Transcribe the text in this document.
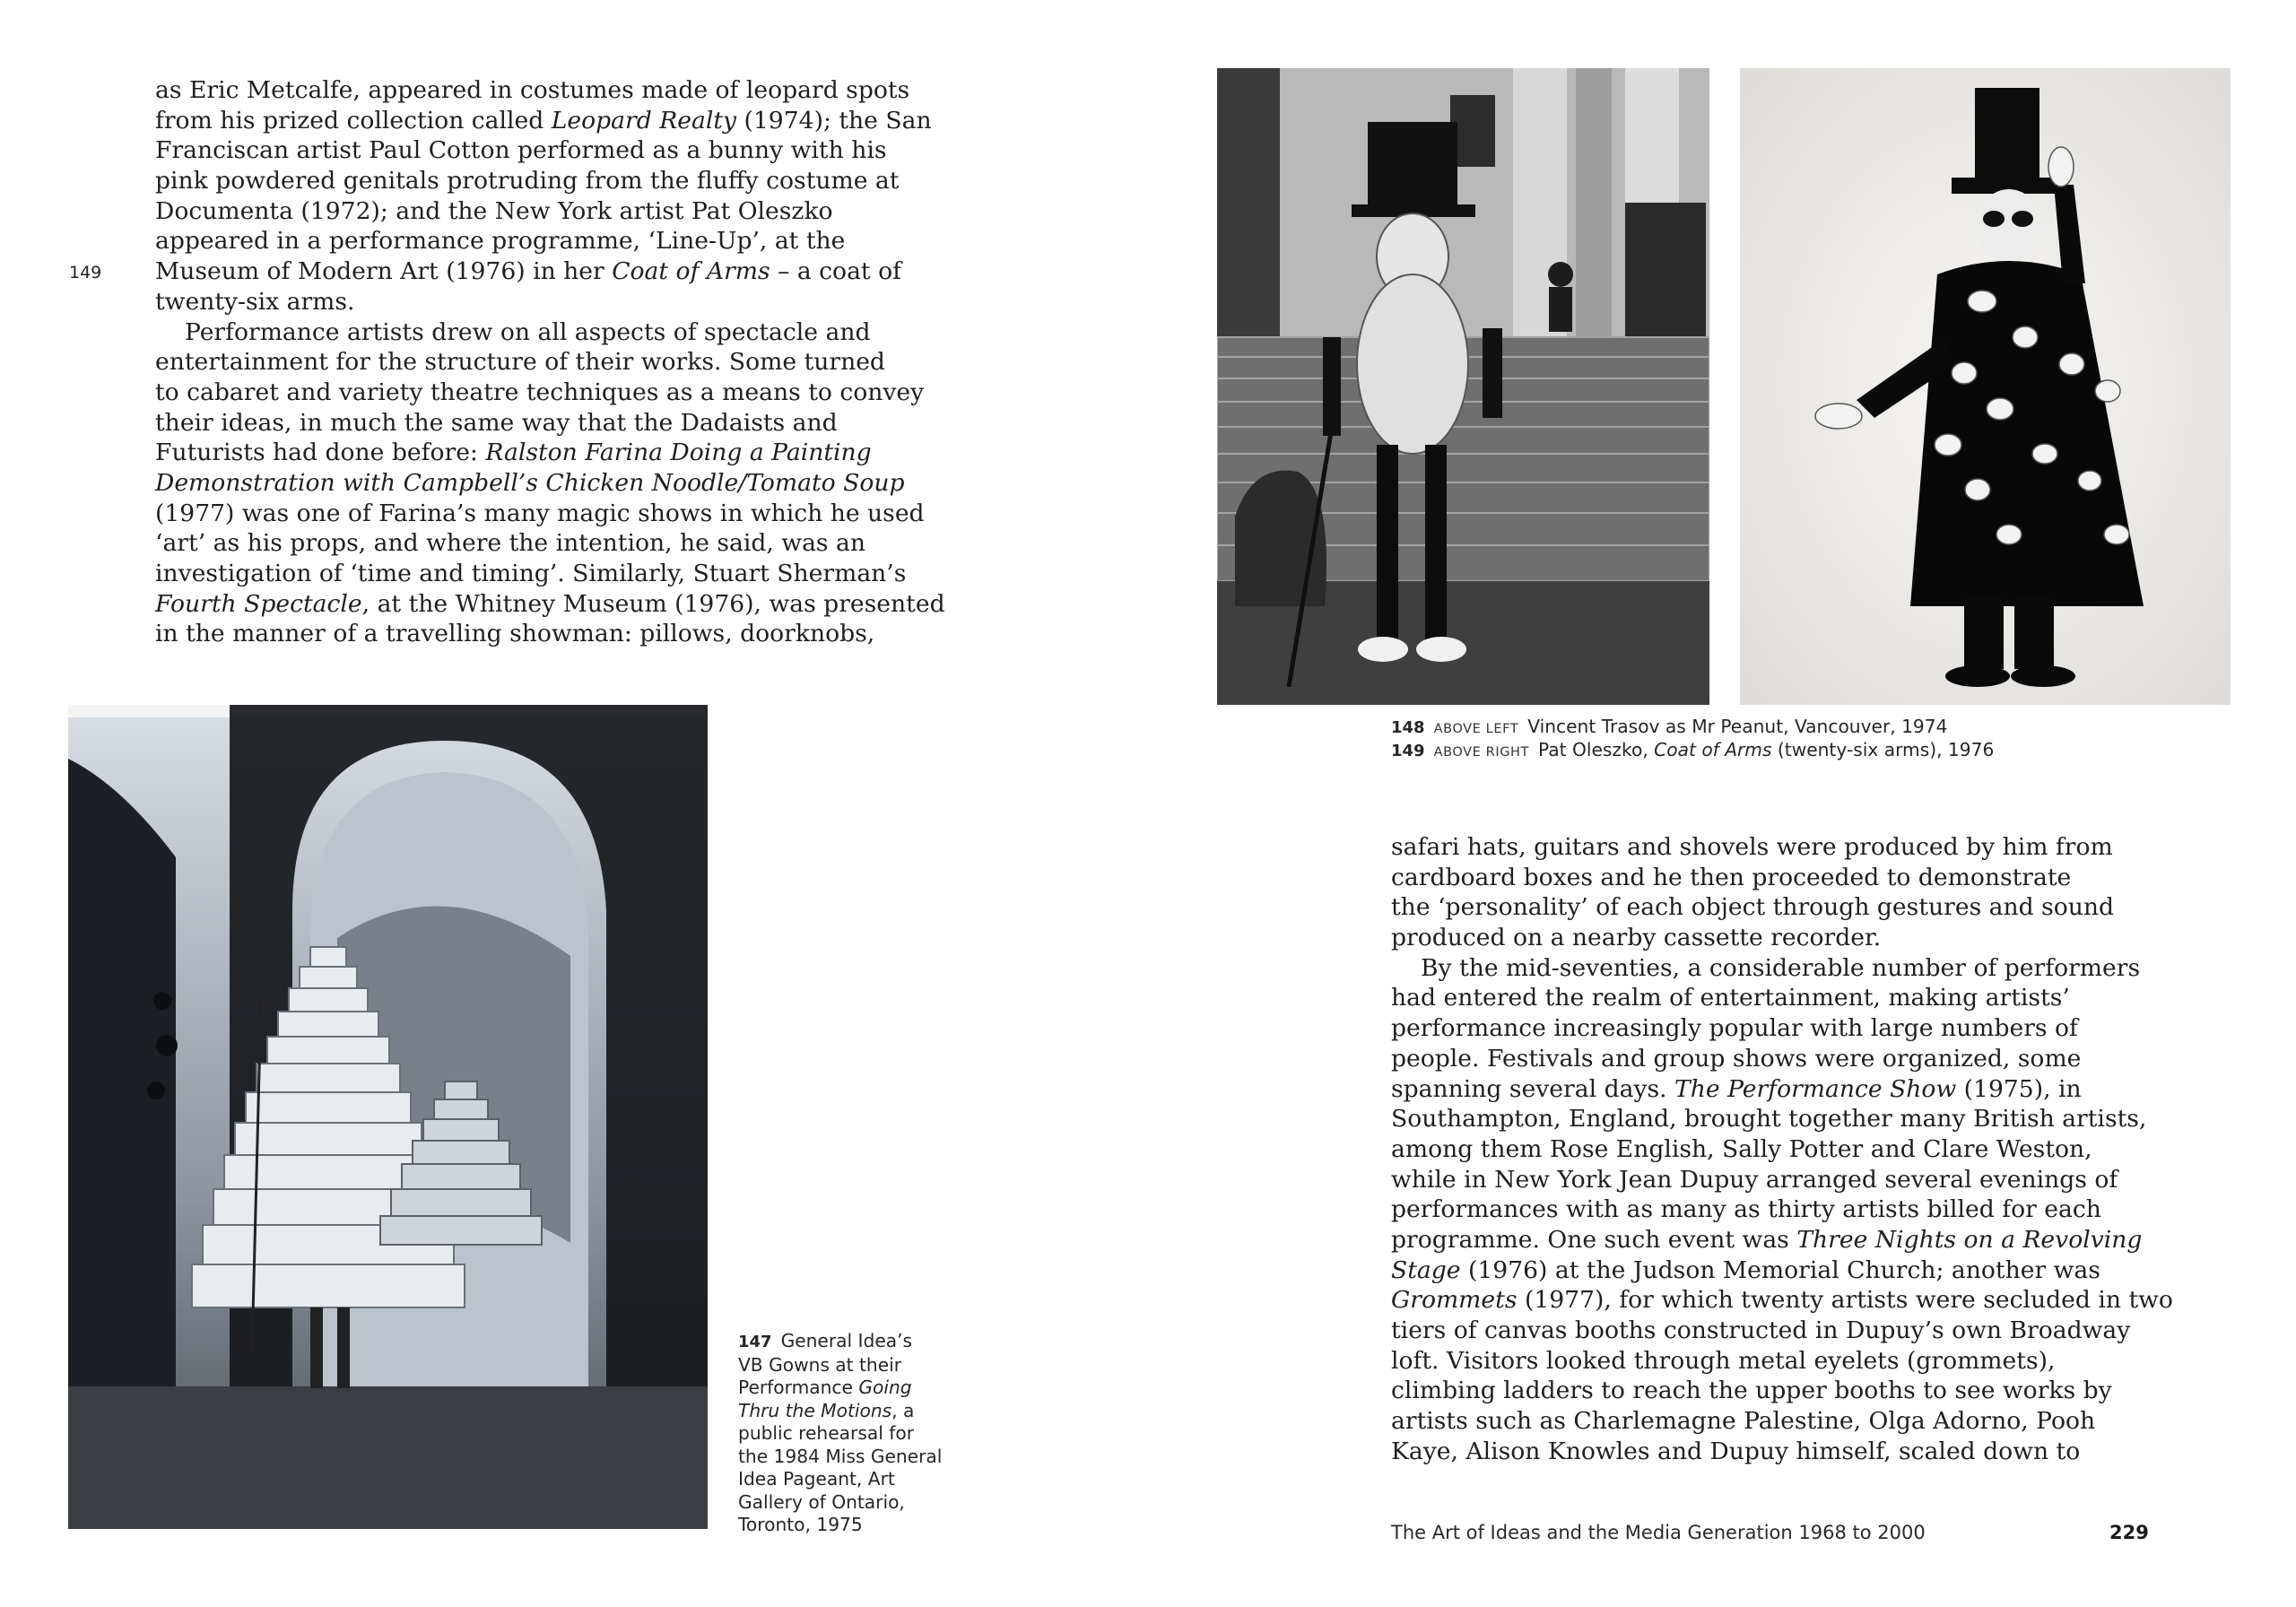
149
as Eric Metcalfe, appeared in costumes made of leopard spots
from his prized collection called Leopard Realty (1974); the San
Franciscan artist Paul Cotton performed as a bunny with his
pink powdered genitals protruding from the fluffy costume at
Documenta (1972); and the New York artist Pat Oleszko
appeared in a performance programme, ‘Line-Up’, at the
Museum of Modern Art (1976) in her Coat of Arms – a coat of
twenty-six arms.
Performance artists drew on all aspects of spectacle and
entertainment for the structure of their works. Some turned
to cabaret and variety theatre techniques as a means to convey
their ideas, in much the same way that the Dadaists and
Futurists had done before: Ralston Farina Doing a Painting
Demonstration with Campbell’s Chicken Noodle/Tomato Soup
(1977) was one of Farina’s many magic shows in which he used
‘art’ as his props, and where the intention, he said, was an
investigation of ‘time and timing’. Similarly, Stuart Sherman’s
Fourth Spectacle, at the Whitney Museum (1976), was presented
in the manner of a travelling showman: pillows, doorknobs,
147 General Idea’s
VB Gowns at their
Performance Going
Thru the Motions, a
public rehearsal for
the 1984 Miss General
Idea Pageant, Art
Gallery of Ontario,
Toronto, 1975
148 ABOVE LEFT Vincent Trasov as Mr Peanut, Vancouver, 1974
149 ABOVE RIGHT Pat Oleszko, Coat of Arms (twenty-six arms), 1976
safari hats, guitars and shovels were produced by him from
cardboard boxes and he then proceeded to demonstrate
the ‘personality’ of each object through gestures and sound
produced on a nearby cassette recorder.
By the mid-seventies, a considerable number of performers
had entered the realm of entertainment, making artists’
performance increasingly popular with large numbers of
people. Festivals and group shows were organized, some
spanning several days. The Performance Show (1975), in
Southampton, England, brought together many British artists,
among them Rose English, Sally Potter and Clare Weston,
while in New York Jean Dupuy arranged several evenings of
performances with as many as thirty artists billed for each
programme. One such event was Three Nights on a Revolving
Stage (1976) at the Judson Memorial Church; another was
Grommets (1977), for which twenty artists were secluded in two
tiers of canvas booths constructed in Dupuy’s own Broadway
loft. Visitors looked through metal eyelets (grommets),
climbing ladders to reach the upper booths to see works by
artists such as Charlemagne Palestine, Olga Adorno, Pooh
Kaye, Alison Knowles and Dupuy himself, scaled down to
The Art of Ideas and the Media Generation 1968 to 2000	229
